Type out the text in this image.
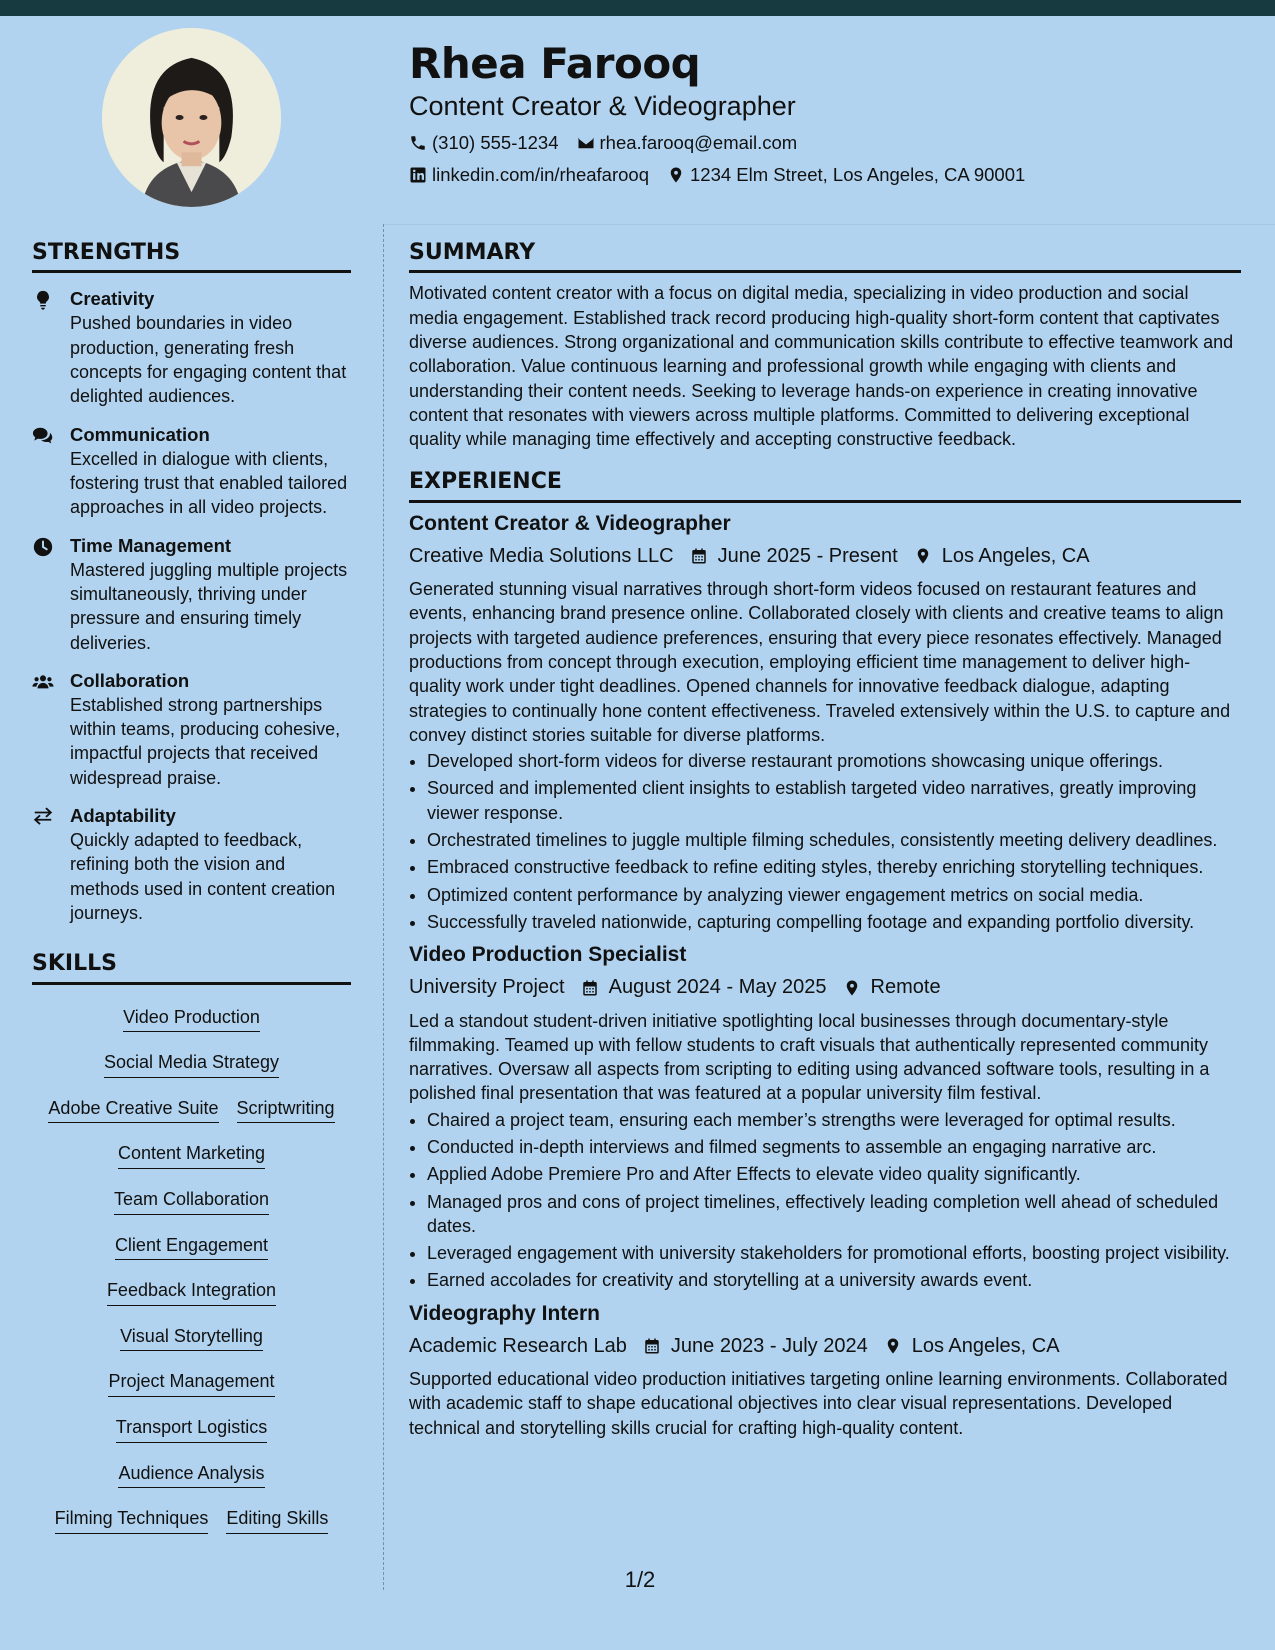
Rhea Farooq
Content Creator & Videographer
(310) 555-1234 rhea.farooq@email.com
linkedin.com/in/rheafarooq 1234 Elm Street, Los Angeles, CA 90001
STRENGTHS
Creativity
Pushed boundaries in video production, generating fresh concepts for engaging content that delighted audiences.
Communication
Excelled in dialogue with clients, fostering trust that enabled tailored approaches in all video projects.
Time Management
Mastered juggling multiple projects simultaneously, thriving under pressure and ensuring timely deliveries.
Collaboration
Established strong partnerships within teams, producing cohesive, impactful projects that received widespread praise.
Adaptability
Quickly adapted to feedback, refining both the vision and methods used in content creation journeys.
SKILLS
Video Production
Social Media Strategy
Adobe Creative Suite Scriptwriting
Content Marketing
Team Collaboration
Client Engagement
Feedback Integration
Visual Storytelling
Project Management
Transport Logistics
Audience Analysis
Filming Techniques Editing Skills
SUMMARY

Motivated content creator with a focus on digital media, specializing in video production and social media engagement. Established track record producing high-quality short-form content that captivates diverse audiences. Strong organizational and communication skills contribute to effective teamwork and collaboration. Value continuous learning and professional growth while engaging with clients and understanding their content needs. Seeking to leverage hands-on experience in creating innovative content that resonates with viewers across multiple platforms. Committed to delivering exceptional quality while managing time effectively and accepting constructive feedback.

EXPERIENCE
Content Creator & Videographer
Creative Media Solutions LLC June 2025 - Present Los Angeles, CA

Generated stunning visual narratives through short-form videos focused on restaurant features and events, enhancing brand presence online. Collaborated closely with clients and creative teams to align projects with targeted audience preferences, ensuring that every piece resonates effectively. Managed productions from concept through execution, employing efficient time management to deliver high-quality work under tight deadlines. Opened channels for innovative feedback dialogue, adapting strategies to continually hone content effectiveness. Traveled extensively within the U.S. to capture and convey distinct stories suitable for diverse platforms.

• Developed short-form videos for diverse restaurant promotions showcasing unique offerings.
• Sourced and implemented client insights to establish targeted video narratives, greatly improving viewer response.
• Orchestrated timelines to juggle multiple filming schedules, consistently meeting delivery deadlines.
• Embraced constructive feedback to refine editing styles, thereby enriching storytelling techniques.
• Optimized content performance by analyzing viewer engagement metrics on social media.
• Successfully traveled nationwide, capturing compelling footage and expanding portfolio diversity.
Video Production Specialist
University Project August 2024 - May 2025 Remote

Led a standout student-driven initiative spotlighting local businesses through documentary-style filmmaking. Teamed up with fellow students to craft visuals that authentically represented community narratives. Oversaw all aspects from scripting to editing using advanced software tools, resulting in a polished final presentation that was featured at a popular university film festival.

• Chaired a project team, ensuring each member’s strengths were leveraged for optimal results.
• Conducted in-depth interviews and filmed segments to assemble an engaging narrative arc.
• Applied Adobe Premiere Pro and After Effects to elevate video quality significantly.
• Managed pros and cons of project timelines, effectively leading completion well ahead of scheduled dates.
• Leveraged engagement with university stakeholders for promotional efforts, boosting project visibility.
• Earned accolades for creativity and storytelling at a university awards event.
Videography Intern
Academic Research Lab June 2023 - July 2024 Los Angeles, CA

Supported educational video production initiatives targeting online learning environments. Collaborated with academic staff to shape educational objectives into clear visual representations. Developed technical and storytelling skills crucial for crafting high-quality content.

1/2
